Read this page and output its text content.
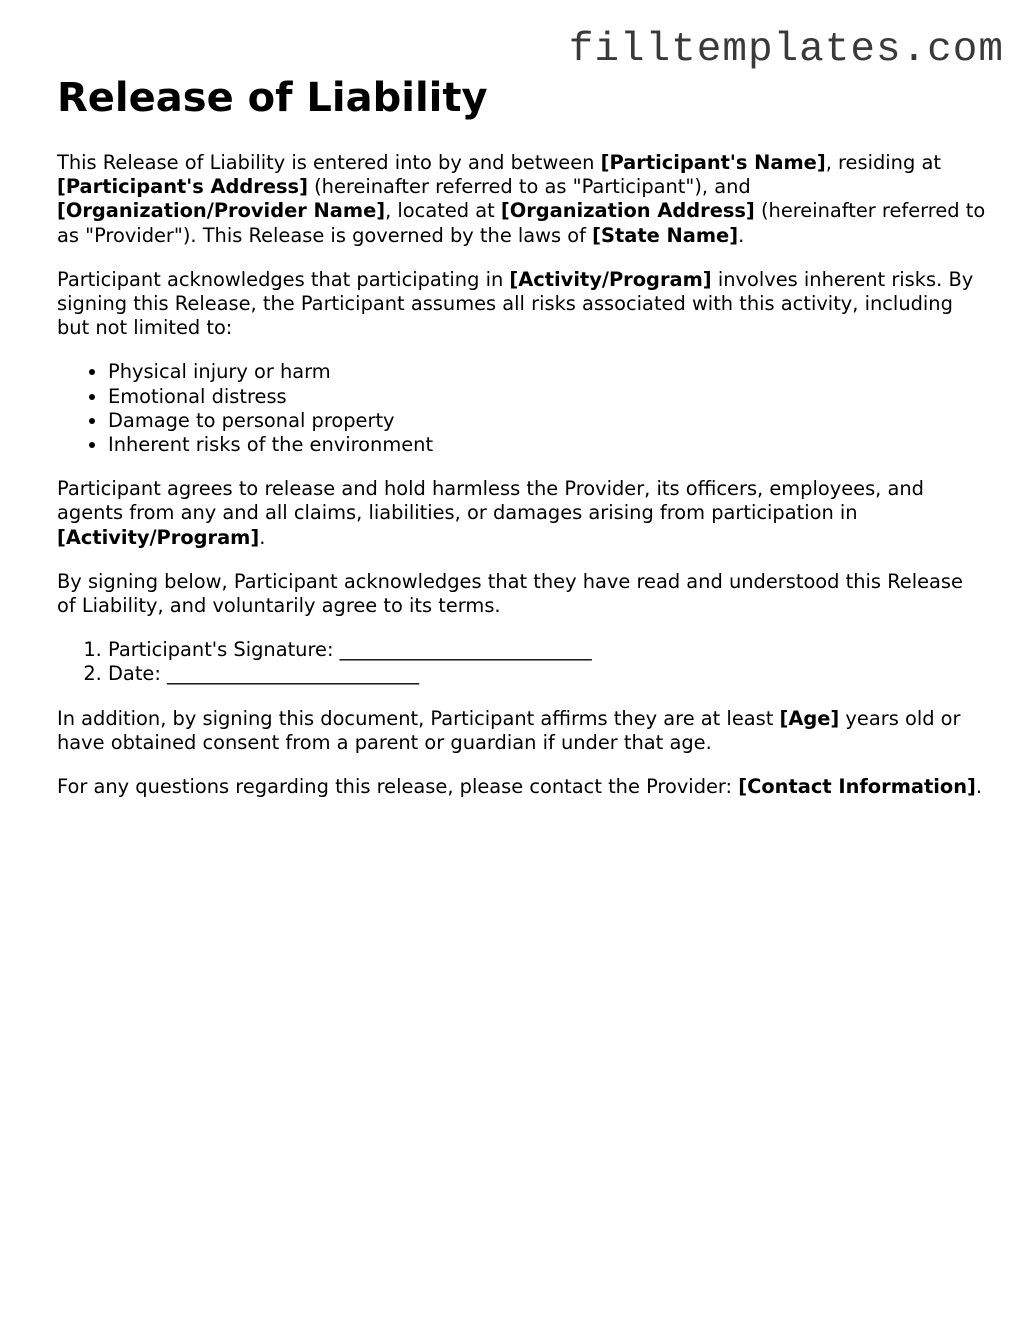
filltemplates.com
Release of Liability

This Release of Liability is entered into by and between [Participant's Name], residing at [Participant's Address] (hereinafter referred to as "Participant"), and [Organization/Provider Name], located at [Organization Address] (hereinafter referred to as "Provider"). This Release is governed by the laws of [State Name].

Participant acknowledges that participating in [Activity/Program] involves inherent risks. By signing this Release, the Participant assumes all risks associated with this activity, including but not limited to:

• Physical injury or harm
• Emotional distress
• Damage to personal property
• Inherent risks of the environment

Participant agrees to release and hold harmless the Provider, its officers, employees, and agents from any and all claims, liabilities, or damages arising from participation in [Activity/Program].

By signing below, Participant acknowledges that they have read and understood this Release of Liability, and voluntarily agree to its terms.

1. Participant's Signature: __________________________
2. Date: __________________________

In addition, by signing this document, Participant affirms they are at least [Age] years old or have obtained consent from a parent or guardian if under that age.

For any questions regarding this release, please contact the Provider: [Contact Information].
